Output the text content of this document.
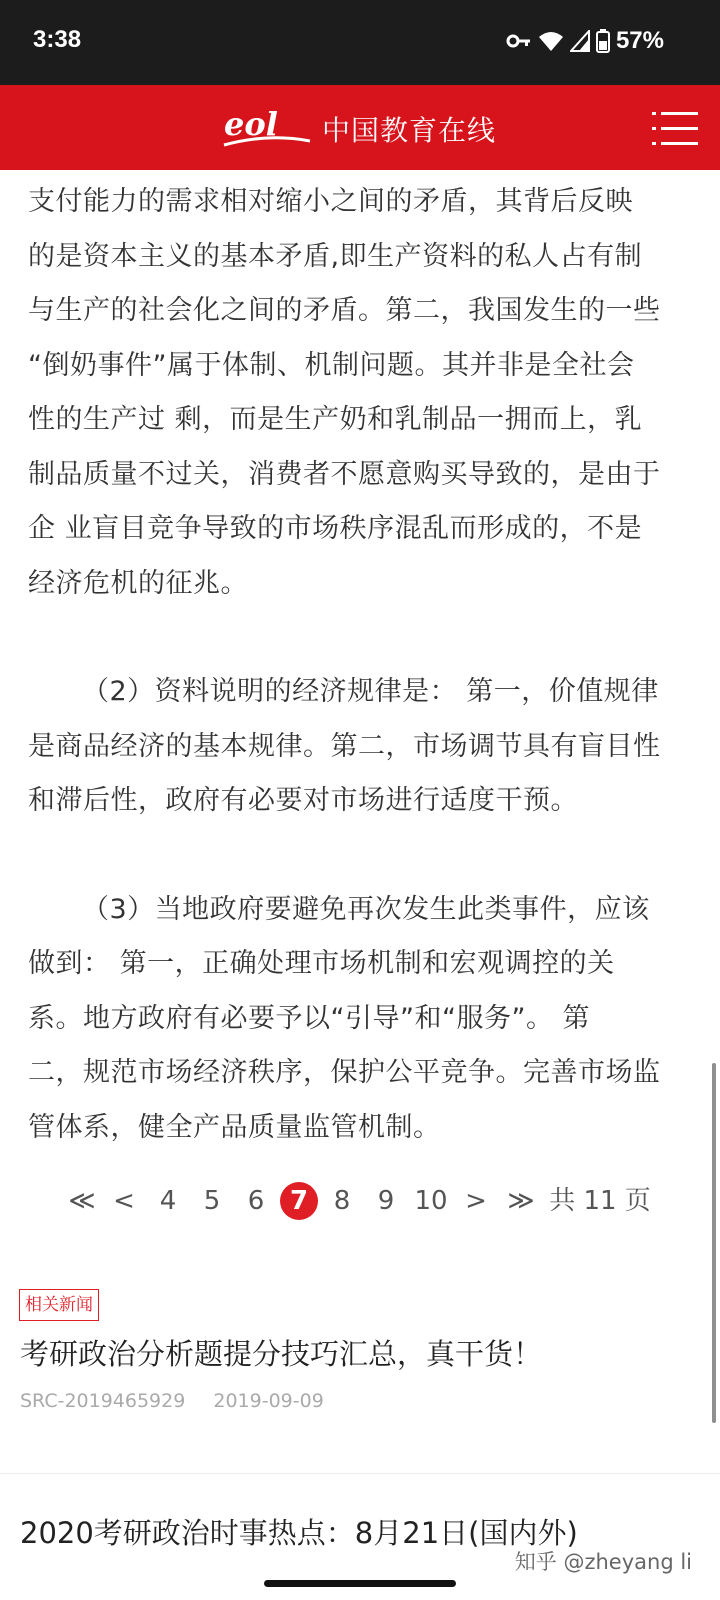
3:38	57%
eol 中国教育在线

支付能力的需求相对缩小之间的矛盾，其背后反映
的是资本主义的基本矛盾,即生产资料的私人占有制
与生产的社会化之间的矛盾。第二，我国发生的一些
“倒奶事件”属于体制、机制问题。其并非是全社会
性的生产过 剩，而是生产奶和乳制品一拥而上，乳
制品质量不过关，消费者不愿意购买导致的，是由于
企 业盲目竞争导致的市场秩序混乱而形成的，不是
经济危机的征兆。

（2）资料说明的经济规律是： 第一，价值规律
是商品经济的基本规律。第二，市场调节具有盲目性
和滞后性，政府有必要对市场进行适度干预。

（3）当地政府要避免再次发生此类事件，应该
做到： 第一，正确处理市场机制和宏观调控的关
系。地方政府有必要予以“引导”和“服务”。 第
二，规范市场经济秩序，保护公平竞争。完善市场监
管体系，健全产品质量监管机制。

≪ < 4 5 6 7 8 9 10 > ≫ 共 11 页
相关新闻
考研政治分析题提分技巧汇总，真干货！
SRC-2019465929 2019-09-09
2020考研政治时事热点：8月21日(国内外)
知乎 @zheyang li
